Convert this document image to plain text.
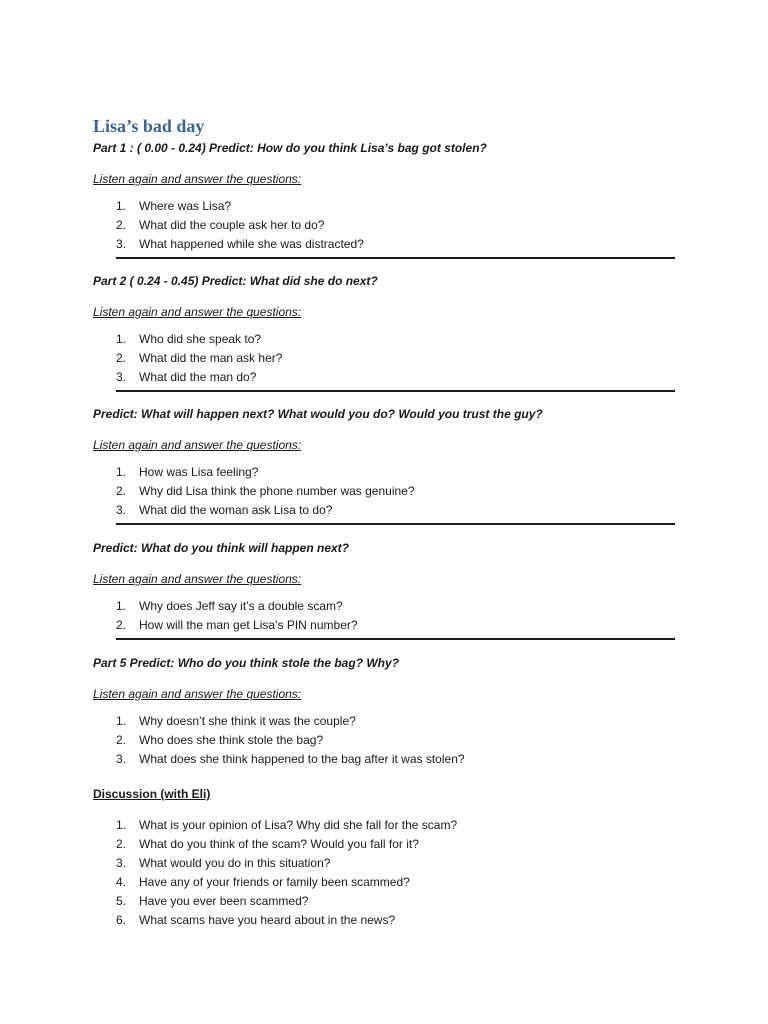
Lisa’s bad day

Part 1 : ( 0.00 - 0.24) Predict: How do you think Lisa’s bag got stolen?

Listen again and answer the questions:

1. Where was Lisa?
2. What did the couple ask her to do?
3. What happened while she was distracted?

Part 2 ( 0.24 - 0.45) Predict: What did she do next?

Listen again and answer the questions:

1. Who did she speak to?
2. What did the man ask her?
3. What did the man do?

Predict: What will happen next? What would you do? Would you trust the guy?

Listen again and answer the questions:

1. How was Lisa feeling?
2. Why did Lisa think the phone number was genuine?
3. What did the woman ask Lisa to do?

Predict: What do you think will happen next?

Listen again and answer the questions:

1. Why does Jeff say it’s a double scam?
2. How will the man get Lisa’s PIN number?

Part 5 Predict: Who do you think stole the bag? Why?

Listen again and answer the questions:

1. Why doesn’t she think it was the couple?
2. Who does she think stole the bag?
3. What does she think happened to the bag after it was stolen?

Discussion (with Eli)

1. What is your opinion of Lisa? Why did she fall for the scam?
2. What do you think of the scam? Would you fall for it?
3. What would you do in this situation?
4. Have any of your friends or family been scammed?
5. Have you ever been scammed?
6. What scams have you heard about in the news?
